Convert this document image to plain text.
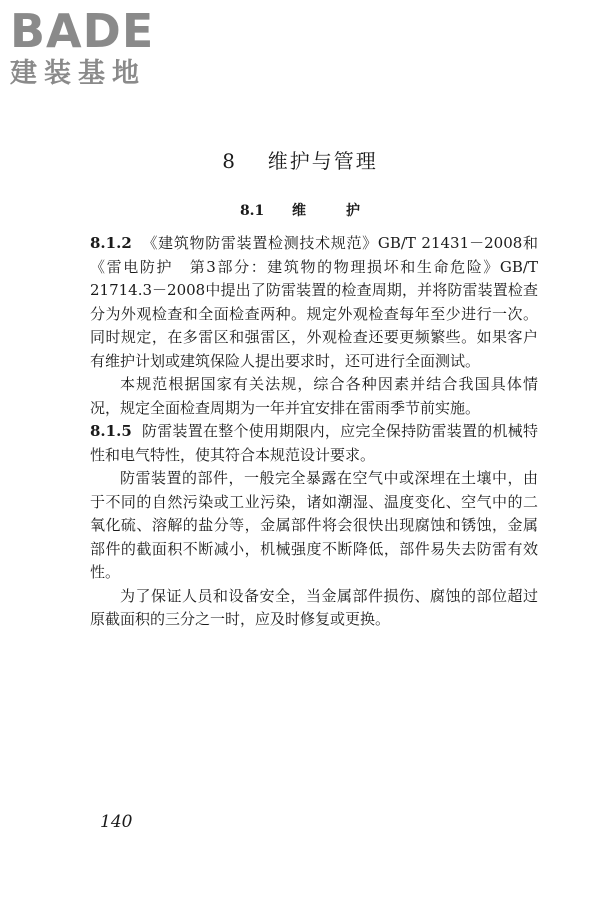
BADE
建装基地
8 维护与管理
8.1 维	护

8.1.2 《建筑物防雷装置检测技术规范》GB/T 21431－2008和《雷电防护　第3部分：建筑物的物理损坏和生命危险》GB/T 21714.3－2008中提出了防雷装置的检查周期，并将防雷装置检查分为外观检查和全面检查两种。规定外观检查每年至少进行一次。同时规定，在多雷区和强雷区，外观检查还要更频繁些。如果客户有维护计划或建筑保险人提出要求时，还可进行全面测试。

本规范根据国家有关法规，综合各种因素并结合我国具体情况，规定全面检查周期为一年并宜安排在雷雨季节前实施。

8.1.5 防雷装置在整个使用期限内，应完全保持防雷装置的机械特性和电气特性，使其符合本规范设计要求。

防雷装置的部件，一般完全暴露在空气中或深埋在土壤中，由于不同的自然污染或工业污染，诸如潮湿、温度变化、空气中的二氧化硫、溶解的盐分等，金属部件将会很快出现腐蚀和锈蚀，金属部件的截面积不断减小，机械强度不断降低，部件易失去防雷有效性。

为了保证人员和设备安全，当金属部件损伤、腐蚀的部位超过原截面积的三分之一时，应及时修复或更换。

140
